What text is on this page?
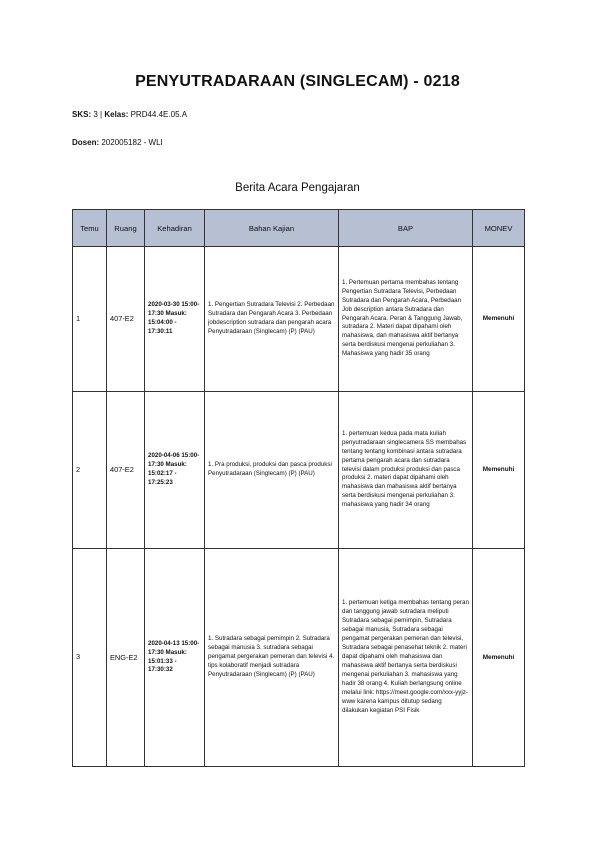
PENYUTRADARAAN (SINGLECAM) - 0218
SKS: 3 | Kelas: PRD44.4E.05.A
Dosen: 202005182 - WLI
Berita Acara Pengajaran
Temu	Ruang	Kehadiran	Bahan Kajian	BAP	MONEV
1	407-E2	2020-03-30 15:00-17:30 Masuk: 15:04:00 - 17:30:11	1. Pengertian Sutradara Televisi 2. Perbedaan Sutradara dan Pengarah Acara 3. Perbedaan jobdescription sutradara dan pengarah acara Penyutradaraan (Singlecam) (P) (PAU)	1. Pertemuan pertama membahas tentang Pengertian Sutradara Televisi, Perbedaan Sutradara dan Pengarah Acara, Perbedaan Job description antara Sutradara dan Pengarah Acara. Peran & Tanggung Jawab, sutradara 2. Materi dapat dipahami oleh mahasiswa, dan mahasiswa aktif bertanya serta berdiskusi mengenai perkuliahan 3. Mahasiswa yang hadir 35 orang	Memenuhi
2	407-E2	2020-04-06 15:00-17:30 Masuk: 15:02:17 - 17:25:23	1. Pra produksi, produksi dan pasca produksi Penyutradaraan (Singlecam) (P) (PAU)	1. pertemuan kedua pada mata kuliah penyutradaraan singlecamera SS membahas tentang tentang kombinasi antara sutradara pertama pengarah acara dan sutradara televisi dalam produksi produksi dan pasca produksi 2. materi dapat dipahami oleh mahasiswa dan mahasiswa aktif bertanya serta berdiskusi mengenai perkuliahan 3. mahasiswa yang hadir 34 orang	Memenuhi
3	ENG-E2	2020-04-13 15:00-17:30 Masuk: 15:01:33 - 17:30:32	1. Sutradara sebagai pemimpin 2. Sutradara sebagai manusia 3. sutradara sebagai pengamat pergerakan pemeran dan televisi 4. tips kolaboratif menjadi sutradara Penyutradaraan (Singlecam) (P) (PAU)	1. pertemuan ketiga membahas tentang peran dan tanggung jawab sutradara meliputi Sutradara sebagai pemimpin, Sutradara sebagai manusia, Sutradara sebagai pengamat pergerakan pemeran dan televisi, Sutradara sebagai penasehat teknik 2. materi dapat dipahami oleh mahasiswa dan mahasiswa aktif bertanya serta berdiskusi mengenai perkuliahan 3. mahasiswa yang hadir 38 orang 4. Kuliah berlangsung online melalui link: https://meet.google.com/xxx-yyjz-www karena kampus ditutup sedang dilakukan kegiatan PSI Fisik	Memenuhi
